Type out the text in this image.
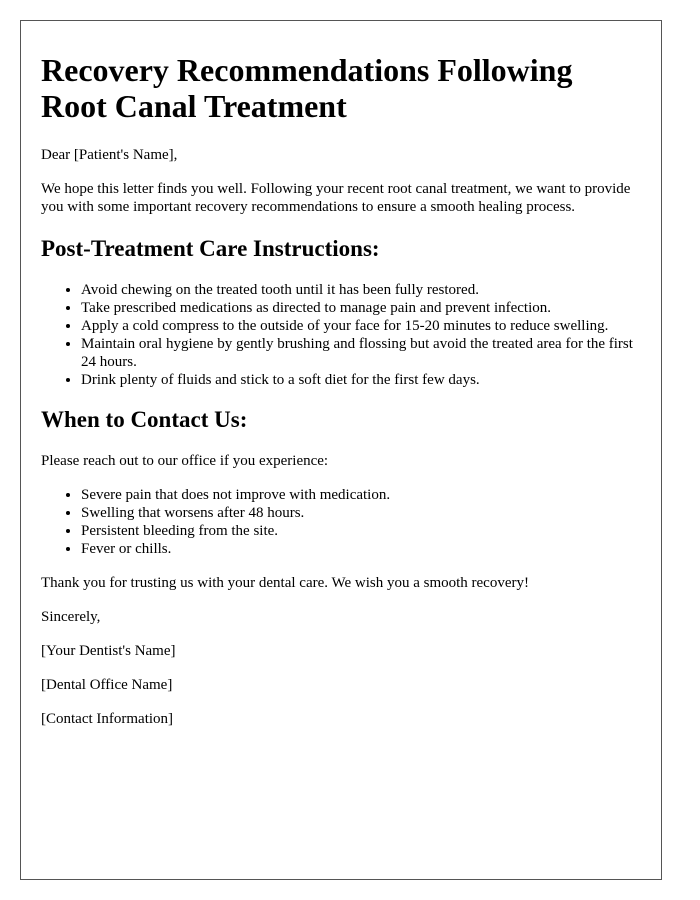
Recovery Recommendations Following Root Canal Treatment

Dear [Patient's Name],

We hope this letter finds you well. Following your recent root canal treatment, we want to provide you with some important recovery recommendations to ensure a smooth healing process.

Post-Treatment Care Instructions:
• Avoid chewing on the treated tooth until it has been fully restored.
• Take prescribed medications as directed to manage pain and prevent infection.
• Apply a cold compress to the outside of your face for 15-20 minutes to reduce swelling.
• Maintain oral hygiene by gently brushing and flossing but avoid the treated area for the first 24 hours.
• Drink plenty of fluids and stick to a soft diet for the first few days.
When to Contact Us:

Please reach out to our office if you experience:

• Severe pain that does not improve with medication.
• Swelling that worsens after 48 hours.
• Persistent bleeding from the site.
• Fever or chills.

Thank you for trusting us with your dental care. We wish you a smooth recovery!

Sincerely,

[Your Dentist's Name]

[Dental Office Name]

[Contact Information]
